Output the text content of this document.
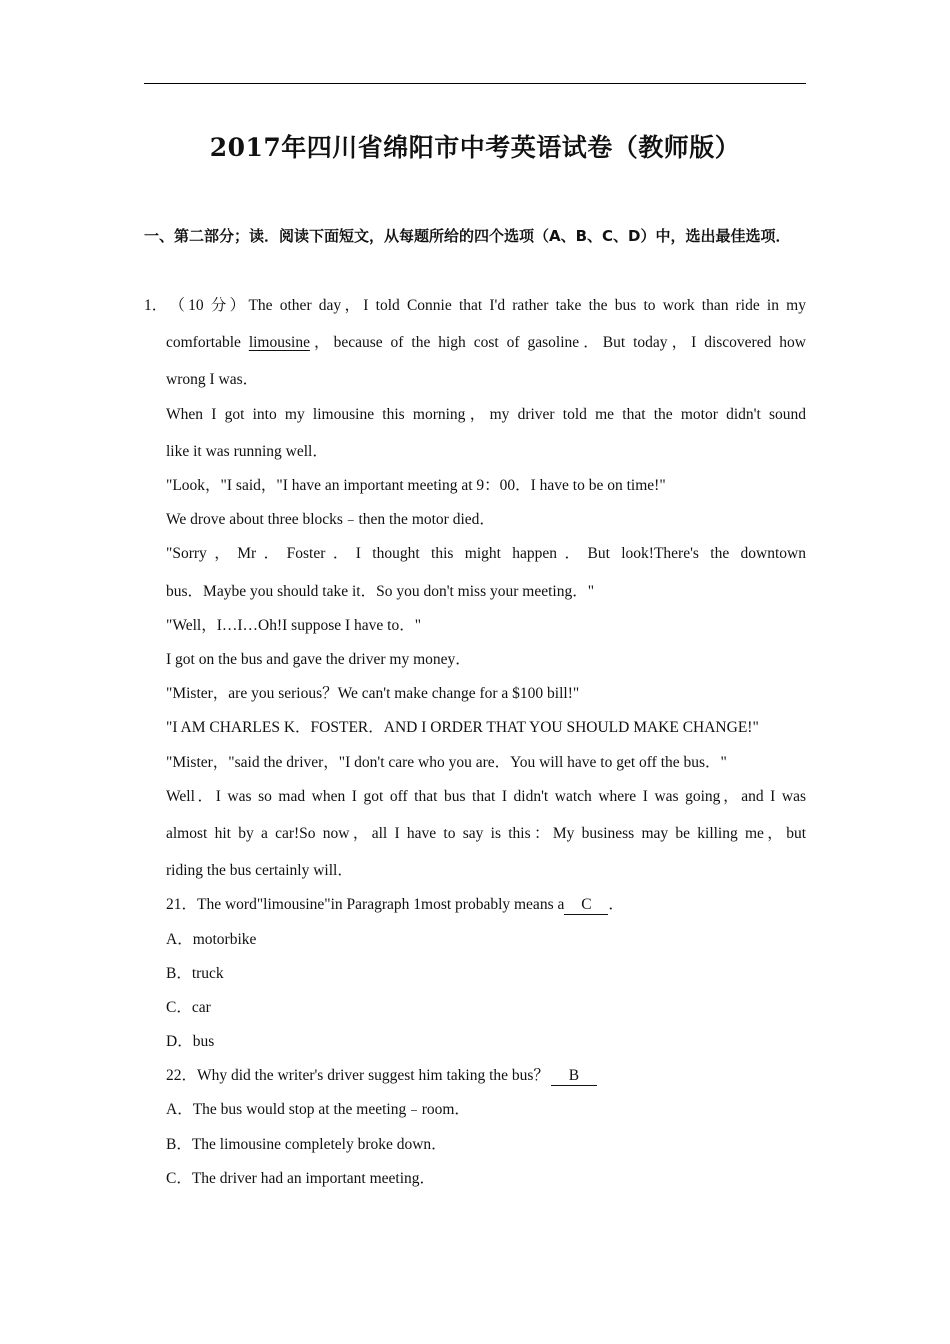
2017年四川省绵阳市中考英语试卷（教师版）

一、第二部分；读．阅读下面短文，从每题所给的四个选项（A、B、C、D）中，选出最佳选项．

1．（10 分）The other day，I told Connie that I'd rather take the bus to work than ride in my
comfortable limousine，because of the high cost of gasoline．But today，I discovered how
wrong I was．
When I got into my limousine this morning，my driver told me that the motor didn't sound
like it was running well．
"Look，"I said，"I have an important meeting at 9：00．I have to be on time!"
We drove about three blocks﹣then the motor died．
"Sorry，Mr．Foster．I thought this might happen．But look!There's the downtown
bus．Maybe you should take it．So you don't miss your meeting．"
"Well，I…I…Oh!I suppose I have to．"
I got on the bus and gave the driver my money．
"Mister，are you serious？We can't make change for a $100 bill!"
"I AM CHARLES K．FOSTER．AND I ORDER THAT YOU SHOULD MAKE CHANGE!"
"Mister，"said the driver，"I don't care who you are．You will have to get off the bus．"
Well．I was so mad when I got off that bus that I didn't watch where I was going，and I was
almost hit by a car!So now，all I have to say is this：My business may be killing me，but
riding the bus certainly will．
21．The word"limousine"in Paragraph 1most probably means a C ．
A．motorbike
B．truck
C．car
D．bus
22．Why did the writer's driver suggest him taking the bus？ B
A．The bus would stop at the meeting﹣room．
B．The limousine completely broke down．
C．The driver had an important meeting．
